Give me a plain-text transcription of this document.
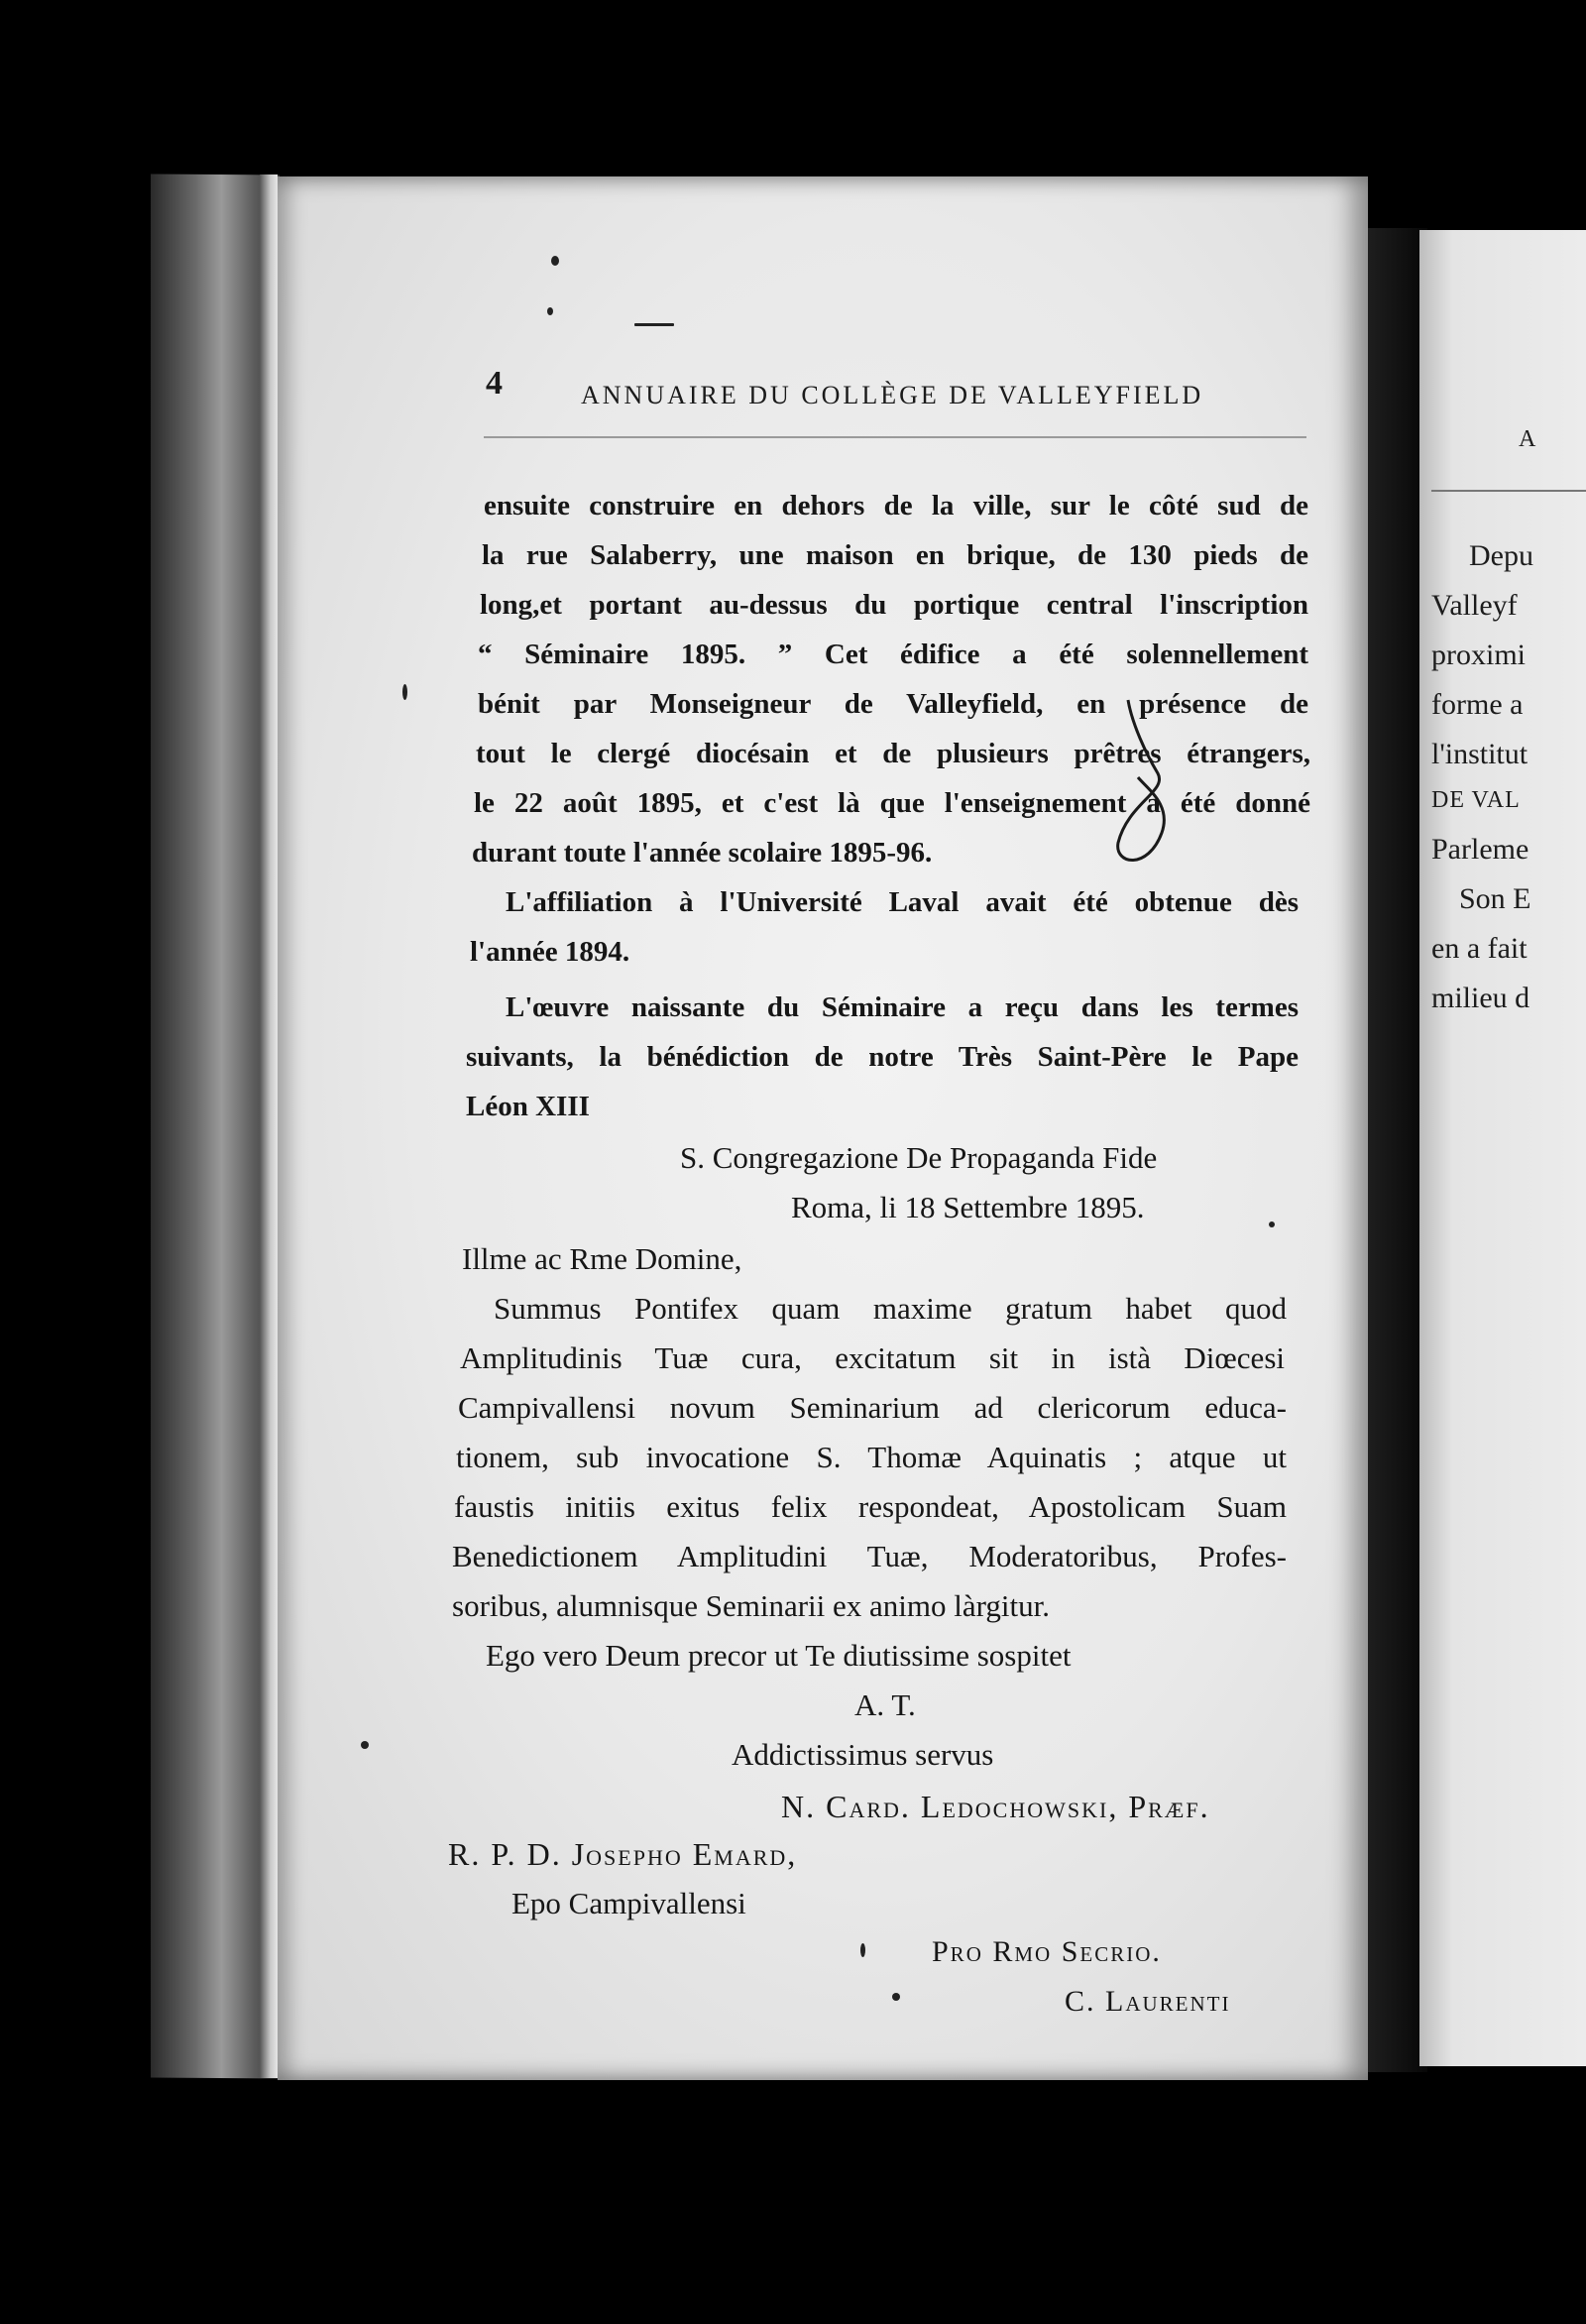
A
Depu
Valleyf
proximi
forme a
l'institut
DE VAL
Parleme
Son E
en a fait
milieu d
4	ANNUAIRE DU COLLÈGE DE VALLEYFIELD
ensuite construire en dehors de la ville, sur le côté sud de
la rue Salaberry, une maison en brique, de 130 pieds de
long,et portant au-dessus du portique central l'inscription
“ Séminaire 1895. ” Cet édifice a été solennellement
bénit par Monseigneur de Valleyfield, en présence de
tout le clergé diocésain et de plusieurs prêtres étrangers,
le 22 août 1895, et c'est là que l'enseignement a été donné
durant toute l'année scolaire 1895-96.
L'affiliation à l'Université Laval avait été obtenue dès
l'année 1894.
L'œuvre naissante du Séminaire a reçu dans les termes
suivants, la bénédiction de notre Très Saint-Père le Pape
Léon XIII
S. Congregazione De Propaganda Fide
Roma, li 18 Settembre 1895.
Illme ac Rme Domine,
Summus Pontifex quam maxime gratum habet quod
Amplitudinis Tuæ cura, excitatum sit in istà Diœcesi
Campivallensi novum Seminarium ad clericorum educa-
tionem, sub invocatione S. Thomæ Aquinatis ; atque ut
faustis initiis exitus felix respondeat, Apostolicam Suam
Benedictionem Amplitudini Tuæ, Moderatoribus, Profes-
soribus, alumnisque Seminarii ex animo làrgitur.
Ego vero Deum precor ut Te diutissime sospitet
A. T.
Addictissimus servus
N. Card. Ledochowski, Præf.
R. P. D. Josepho Emard,
Epo Campivallensi
Pro Rmo Secrio.
C. Laurenti
